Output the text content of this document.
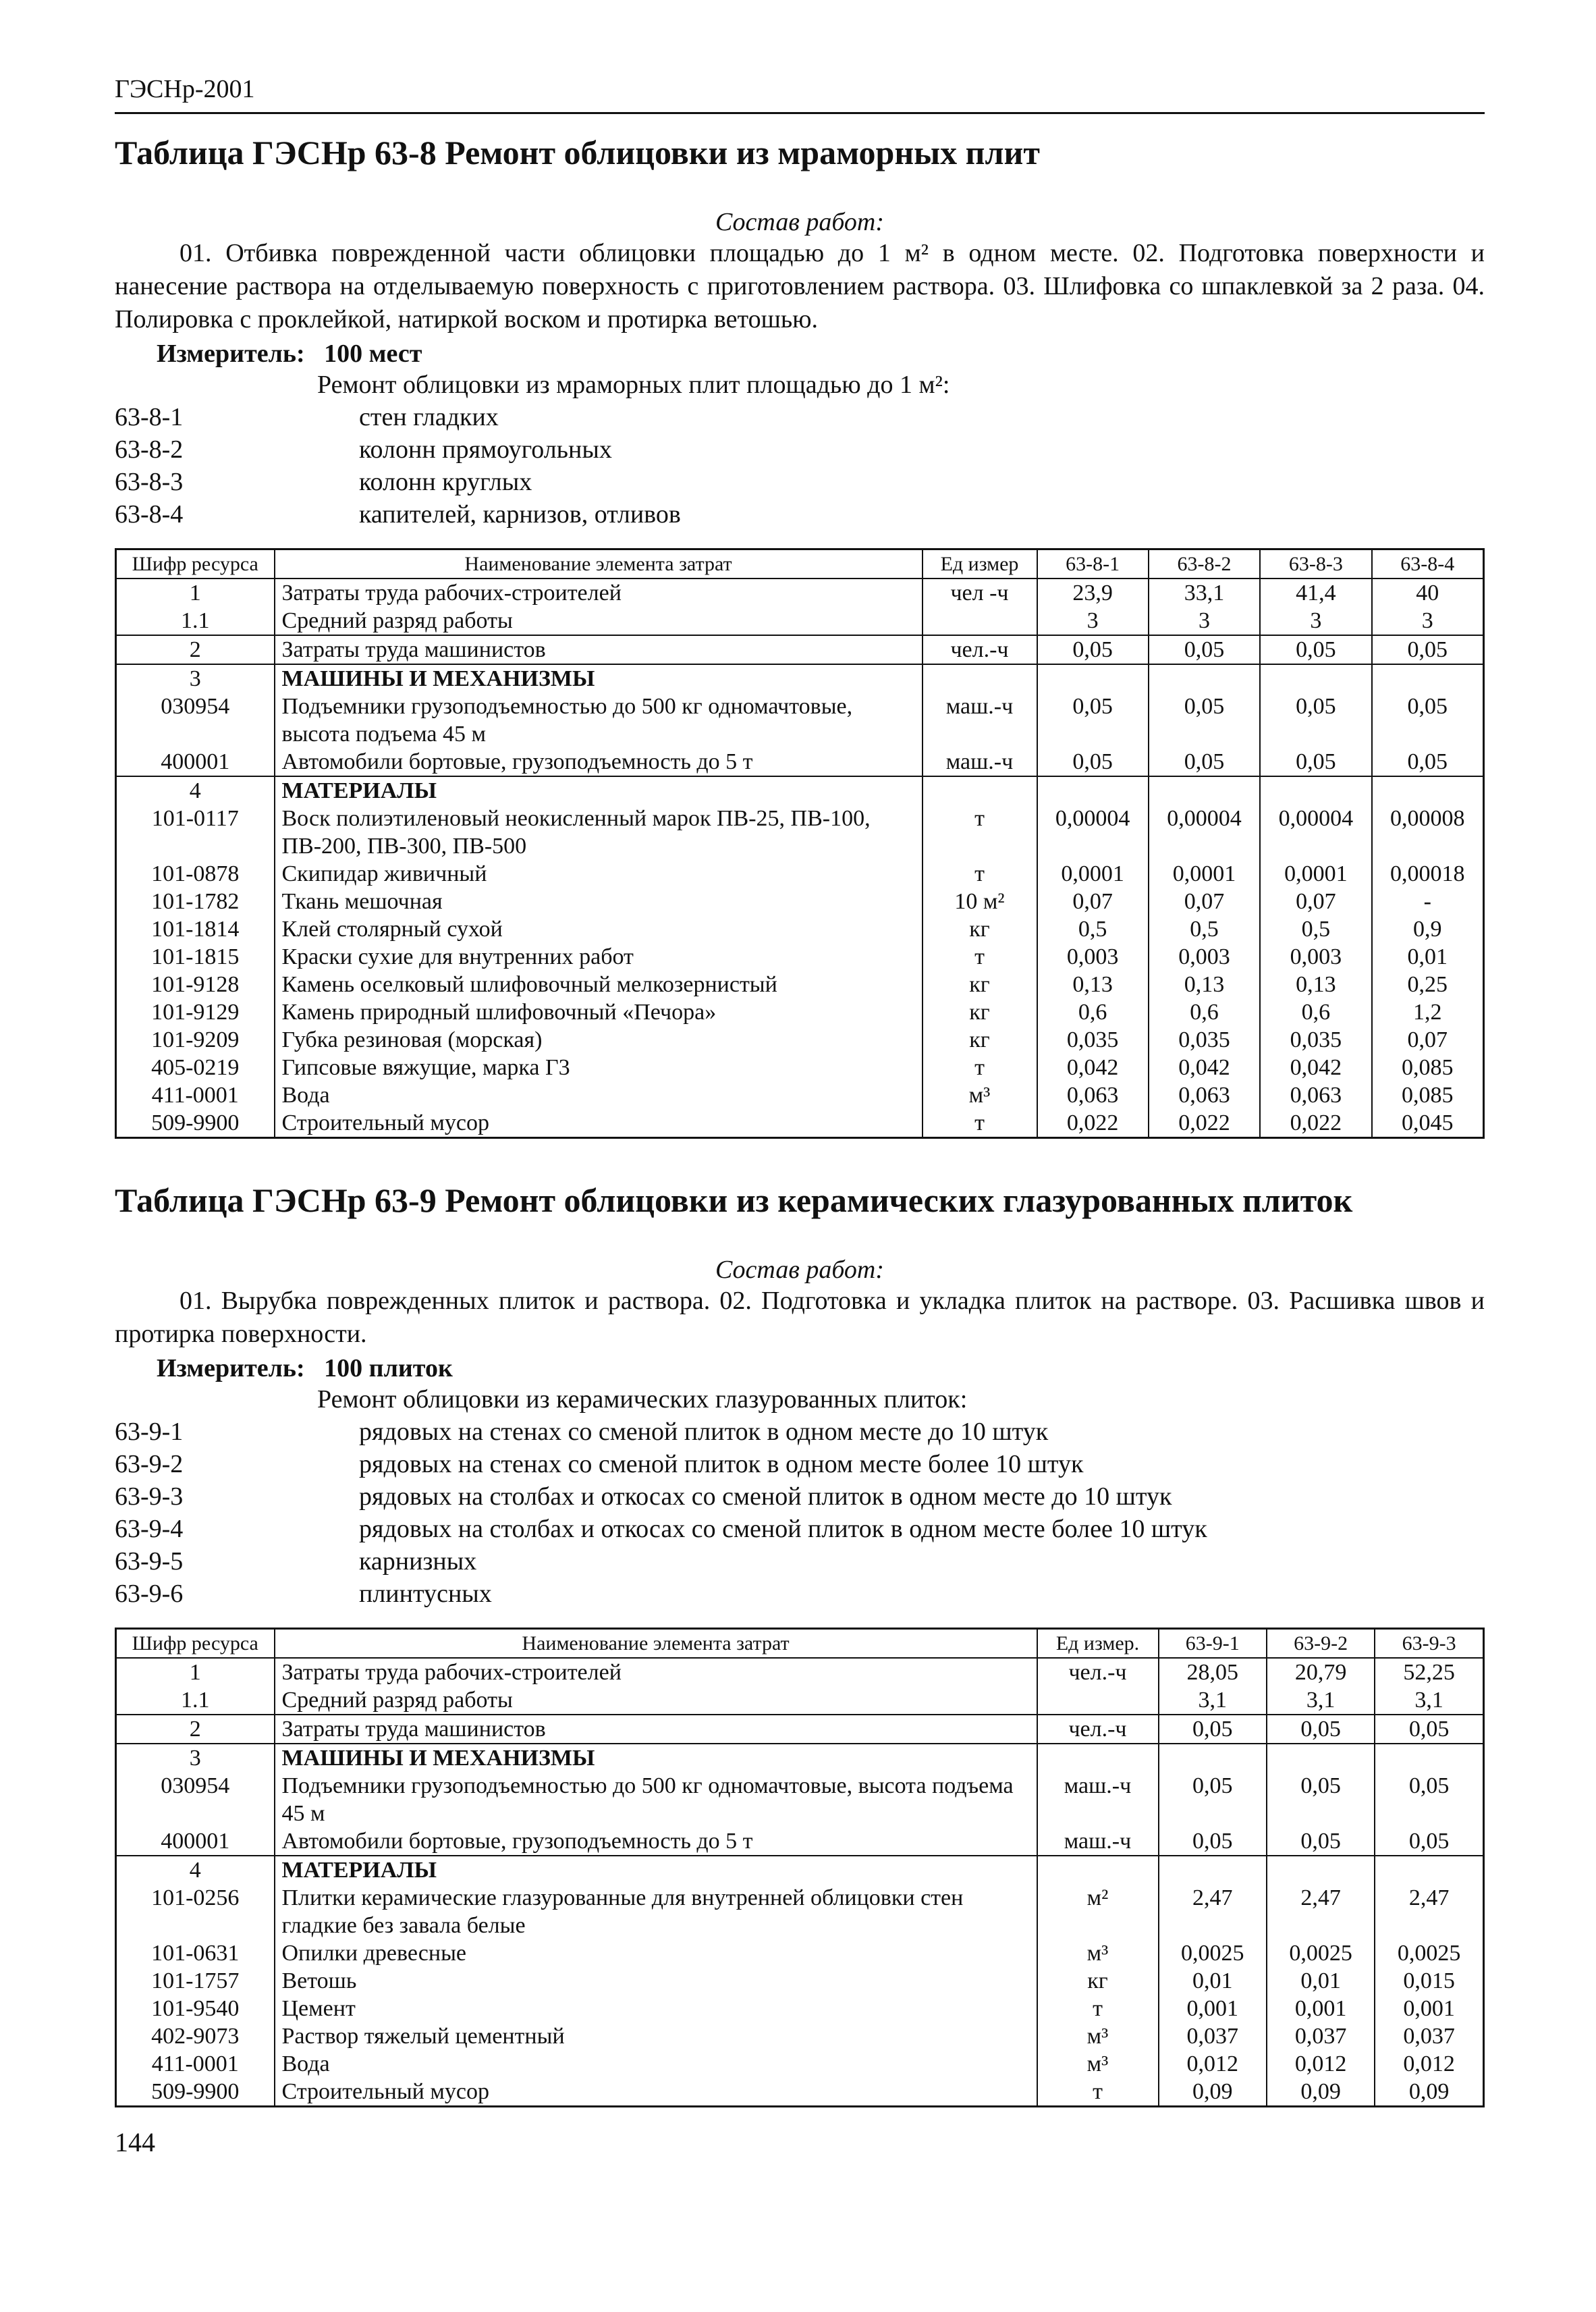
ГЭСНр-2001
Таблица ГЭСНр 63-8 Ремонт облицовки из мраморных плит
Состав работ:
01. Отбивка поврежденной части облицовки площадью до 1 м² в одном месте. 02. Подготовка поверхности и нанесение раствора на отделываемую поверхность с приготовлением раствора. 03. Шлифовка со шпаклевкой за 2 раза. 04. Полировка с проклейкой, натиркой воском и протирка ветошью.
Измеритель: 100 мест
Ремонт облицовки из мраморных плит площадью до 1 м²:
63-8-1	стен гладких
63-8-2	колонн прямоугольных
63-8-3	колонн круглых
63-8-4	капителей, карнизов, отливов
Шифр ресурса	Наименование элемента затрат	Ед измер	63-8-1	63-8-2	63-8-3	63-8-4
1	Затраты труда рабочих-строителей	чел -ч	23,9	33,1	41,4	40
1.1	Средний разряд работы		3	3	3	3
2	Затраты труда машинистов	чел.-ч	0,05	0,05	0,05	0,05
3	МАШИНЫ И МЕХАНИЗМЫ					
030954	Подъемники грузоподъемностью до 500 кг одномачтовые, высота подъема 45 м	маш.-ч	0,05	0,05	0,05	0,05
400001	Автомобили бортовые, грузоподъемность до 5 т	маш.-ч	0,05	0,05	0,05	0,05
4	МАТЕРИАЛЫ					
101-0117	Воск полиэтиленовый неокисленный марок ПВ-25, ПВ-100, ПВ-200, ПВ-300, ПВ-500	т	0,00004	0,00004	0,00004	0,00008
101-0878	Скипидар живичный	т	0,0001	0,0001	0,0001	0,00018
101-1782	Ткань мешочная	10 м²	0,07	0,07	0,07	-
101-1814	Клей столярный сухой	кг	0,5	0,5	0,5	0,9
101-1815	Краски сухие для внутренних работ	т	0,003	0,003	0,003	0,01
101-9128	Камень оселковый шлифовочный мелкозернистый	кг	0,13	0,13	0,13	0,25
101-9129	Камень природный шлифовочный «Печора»	кг	0,6	0,6	0,6	1,2
101-9209	Губка резиновая (морская)	кг	0,035	0,035	0,035	0,07
405-0219	Гипсовые вяжущие, марка Г3	т	0,042	0,042	0,042	0,085
411-0001	Вода	м³	0,063	0,063	0,063	0,085
509-9900	Строительный мусор	т	0,022	0,022	0,022	0,045
Таблица ГЭСНр 63-9 Ремонт облицовки из керамических глазурованных плиток
Состав работ:
01. Вырубка поврежденных плиток и раствора. 02. Подготовка и укладка плиток на растворе. 03. Расшивка швов и протирка поверхности.
Измеритель: 100 плиток
Ремонт облицовки из керамических глазурованных плиток:
63-9-1	рядовых на стенах со сменой плиток в одном месте до 10 штук
63-9-2	рядовых на стенах со сменой плиток в одном месте более 10 штук
63-9-3	рядовых на столбах и откосах со сменой плиток в одном месте до 10 штук
63-9-4	рядовых на столбах и откосах со сменой плиток в одном месте более 10 штук
63-9-5	карнизных
63-9-6	плинтусных
Шифр ресурса	Наименование элемента затрат	Ед измер.	63-9-1	63-9-2	63-9-3
1	Затраты труда рабочих-строителей	чел.-ч	28,05	20,79	52,25
1.1	Средний разряд работы		3,1	3,1	3,1
2	Затраты труда машинистов	чел.-ч	0,05	0,05	0,05
3	МАШИНЫ И МЕХАНИЗМЫ				
030954	Подъемники грузоподъемностью до 500 кг одномачтовые, высота подъема 45 м	маш.-ч	0,05	0,05	0,05
400001	Автомобили бортовые, грузоподъемность до 5 т	маш.-ч	0,05	0,05	0,05
4	МАТЕРИАЛЫ				
101-0256	Плитки керамические глазурованные для внутренней облицовки стен гладкие без завала белые	м²	2,47	2,47	2,47
101-0631	Опилки древесные	м³	0,0025	0,0025	0,0025
101-1757	Ветошь	кг	0,01	0,01	0,015
101-9540	Цемент	т	0,001	0,001	0,001
402-9073	Раствор тяжелый цементный	м³	0,037	0,037	0,037
411-0001	Вода	м³	0,012	0,012	0,012
509-9900	Строительный мусор	т	0,09	0,09	0,09
144
